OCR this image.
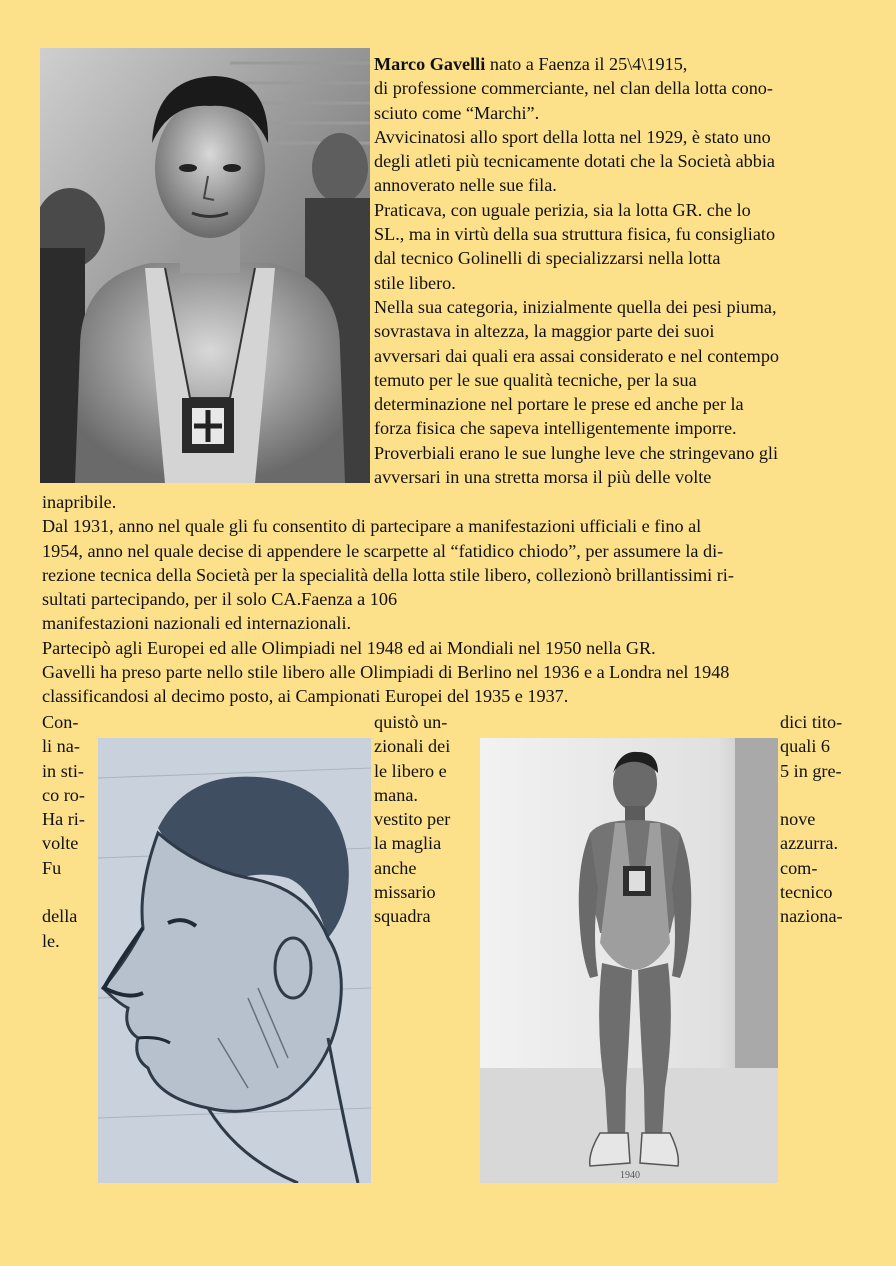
Marco Gavelli nato a Faenza il 25\4\1915,
di professione commerciante, nel clan della lotta cono-
sciuto come “Marchi”.
Avvicinatosi allo sport della lotta nel 1929, è stato uno
degli atleti più tecnicamente dotati che la Società abbia
annoverato nelle sue fila.
Praticava, con uguale perizia, sia la lotta GR. che lo
SL., ma in virtù della sua struttura fisica, fu consigliato
dal tecnico Golinelli di specializzarsi nella lotta
stile libero.
Nella sua categoria, inizialmente quella dei pesi piuma,
sovrastava in altezza, la maggior parte dei suoi
avversari dai quali era assai considerato e nel contempo
temuto per le sue qualità tecniche, per la sua
determinazione nel portare le prese ed anche per la
forza fisica che sapeva intelligentemente imporre.
Proverbiali erano le sue lunghe leve che stringevano gli
avversari in una stretta morsa il più delle volte
inapribile.
Dal 1931, anno nel quale gli fu consentito di partecipare a manifestazioni ufficiali e fino al
1954, anno nel quale decise di appendere le scarpette al “fatidico chiodo”, per assumere la di-
rezione tecnica della Società per la specialità della lotta stile libero, collezionò brillantissimi ri-
sultati partecipando, per il solo CA.Faenza a 106
manifestazioni nazionali ed internazionali.
Partecipò agli Europei ed alle Olimpiadi nel 1948 ed ai Mondiali nel 1950 nella GR.
Gavelli ha preso parte nello stile libero alle Olimpiadi di Berlino nel 1936 e a Londra nel 1948
classificandosi al decimo posto, ai Campionati Europei del 1935 e 1937.
Con-
li na-
in sti-
co ro-
Ha ri-
volte
Fu
della
le.
quistò un-
zionali dei
le libero e
mana.
vestito per
la maglia
anche
missario
squadra
dici tito-
quali 6
5 in gre-
nove
azzurra.
com-
tecnico
naziona-
1940
